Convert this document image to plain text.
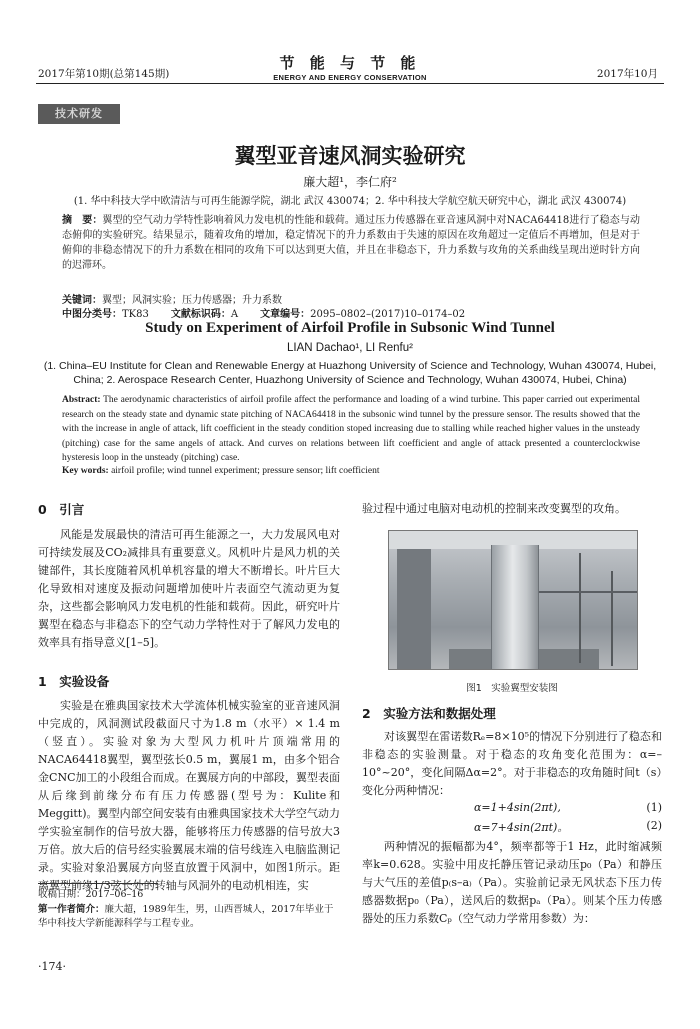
2017年第10期(总第145期)
节 能 与 节 能
ENERGY AND ENERGY CONSERVATION	2017年10月
技术研发
翼型亚音速风洞实验研究
廉大超¹，李仁府²
(1. 华中科技大学中欧清洁与可再生能源学院，湖北 武汉 430074；2. 华中科技大学航空航天研究中心，湖北 武汉 430074)
摘　要：翼型的空气动力学特性影响着风力发电机的性能和载荷。通过压力传感器在亚音速风洞中对NACA64418进行了稳态与动态俯仰的实验研究。结果显示，随着攻角的增加，稳定情况下的升力系数由于失速的原因在攻角超过一定值后不再增加，但是对于俯仰的非稳态情况下的升力系数在相同的攻角下可以达到更大值，并且在非稳态下，升力系数与攻角的关系曲线呈现出逆时针方向的迟滞环。
关键词：翼型；风洞实验；压力传感器；升力系数
中图分类号：TK83 文献标识码：A 文章编号：2095–0802–(2017)10–0174–02
Study on Experiment of Airfoil Profile in Subsonic Wind Tunnel
LIAN Dachao¹, LI Renfu²
(1. China–EU Institute for Clean and Renewable Energy at Huazhong University of Science and Technology, Wuhan 430074, Hubei, China; 2. Aerospace Research Center, Huazhong University of Science and Technology, Wuhan 430074, Hubei, China)
Abstract: The aerodynamic characteristics of airfoil profile affect the performance and loading of a wind turbine. This paper carried out experimental research on the steady state and dynamic state pitching of NACA64418 in the subsonic wind tunnel by the pressure sensor. The results showed that the with the increase in angle of attack, lift coefficient in the steady condition stoped increasing due to stalling while reached higher values in the unsteady (pitching) case for the same angels of attack. And curves on relations between lift coefficient and angle of attack presented a counterclockwise hysteresis loop in the unsteady (pitching) case.
Key words: airfoil profile; wind tunnel experiment; pressure sensor; lift coefficient
0　引言

风能是发展最快的清洁可再生能源之一，大力发展风电对可持续发展及CO₂减排具有重要意义。风机叶片是风力机的关键部件，其长度随着风机单机容量的增大不断增长。叶片巨大化导致相对速度及振动问题增加使叶片表面空气流动更为复杂，这些都会影响风力发电机的性能和载荷。因此，研究叶片翼型在稳态与非稳态下的空气动力学特性对于了解风力发电的效率具有指导意义[1–5]。

1　实验设备

实验是在雅典国家技术大学流体机械实验室的亚音速风洞中完成的，风洞测试段截面尺寸为1.8 m（水平）× 1.4 m（竖直）。实验对象为大型风力机叶片顶端常用的NACA64418翼型，翼型弦长0.5 m，翼展1 m，由多个铝合金CNC加工的小段组合而成。在翼展方向的中部段，翼型表面从后缘到前缘分布有压力传感器(型号为：Kulite和Meggitt)。翼型内部空间安装有由雅典国家技术大学空气动力学实验室制作的信号放大器，能够将压力传感器的信号放大3万倍。放大后的信号经实验翼展末端的信号线连入电脑监测记录。实验对象沿翼展方向竖直放置于风洞中，如图1所示。距离翼型前缘1/3弦长处的转轴与风洞外的电动机相连，实

收稿日期：2017–06–16
第一作者简介：廉大超，1989年生，男，山西晋城人，2017年毕业于华中科技大学新能源科学与工程专业。
·174·

验过程中通过电脑对电动机的控制来改变翼型的攻角。

图1　实验翼型安装图
2　实验方法和数据处理

对该翼型在雷诺数Rₑ=8×10⁵的情况下分别进行了稳态和非稳态的实验测量。对于稳态的攻角变化范围为：α=–10°~20°，变化间隔Δα=2°。对于非稳态的攻角随时间t（s）变化分两种情况：

α=1+4sin(2πt),	(1)
α=7+4sin(2πt)。	(2)

两种情况的振幅都为4°，频率都等于1 Hz，此时缩减频率k=0.628。实验中用皮托静压管记录动压p₀（Pa）和静压与大气压的差值p₍s–a₎（Pa）。实验前记录无风状态下压力传感器数据p₀（Pa），送风后的数据pₐ（Pa）。则某个压力传感器处的压力系数Cₚ（空气动力学常用参数）为：
